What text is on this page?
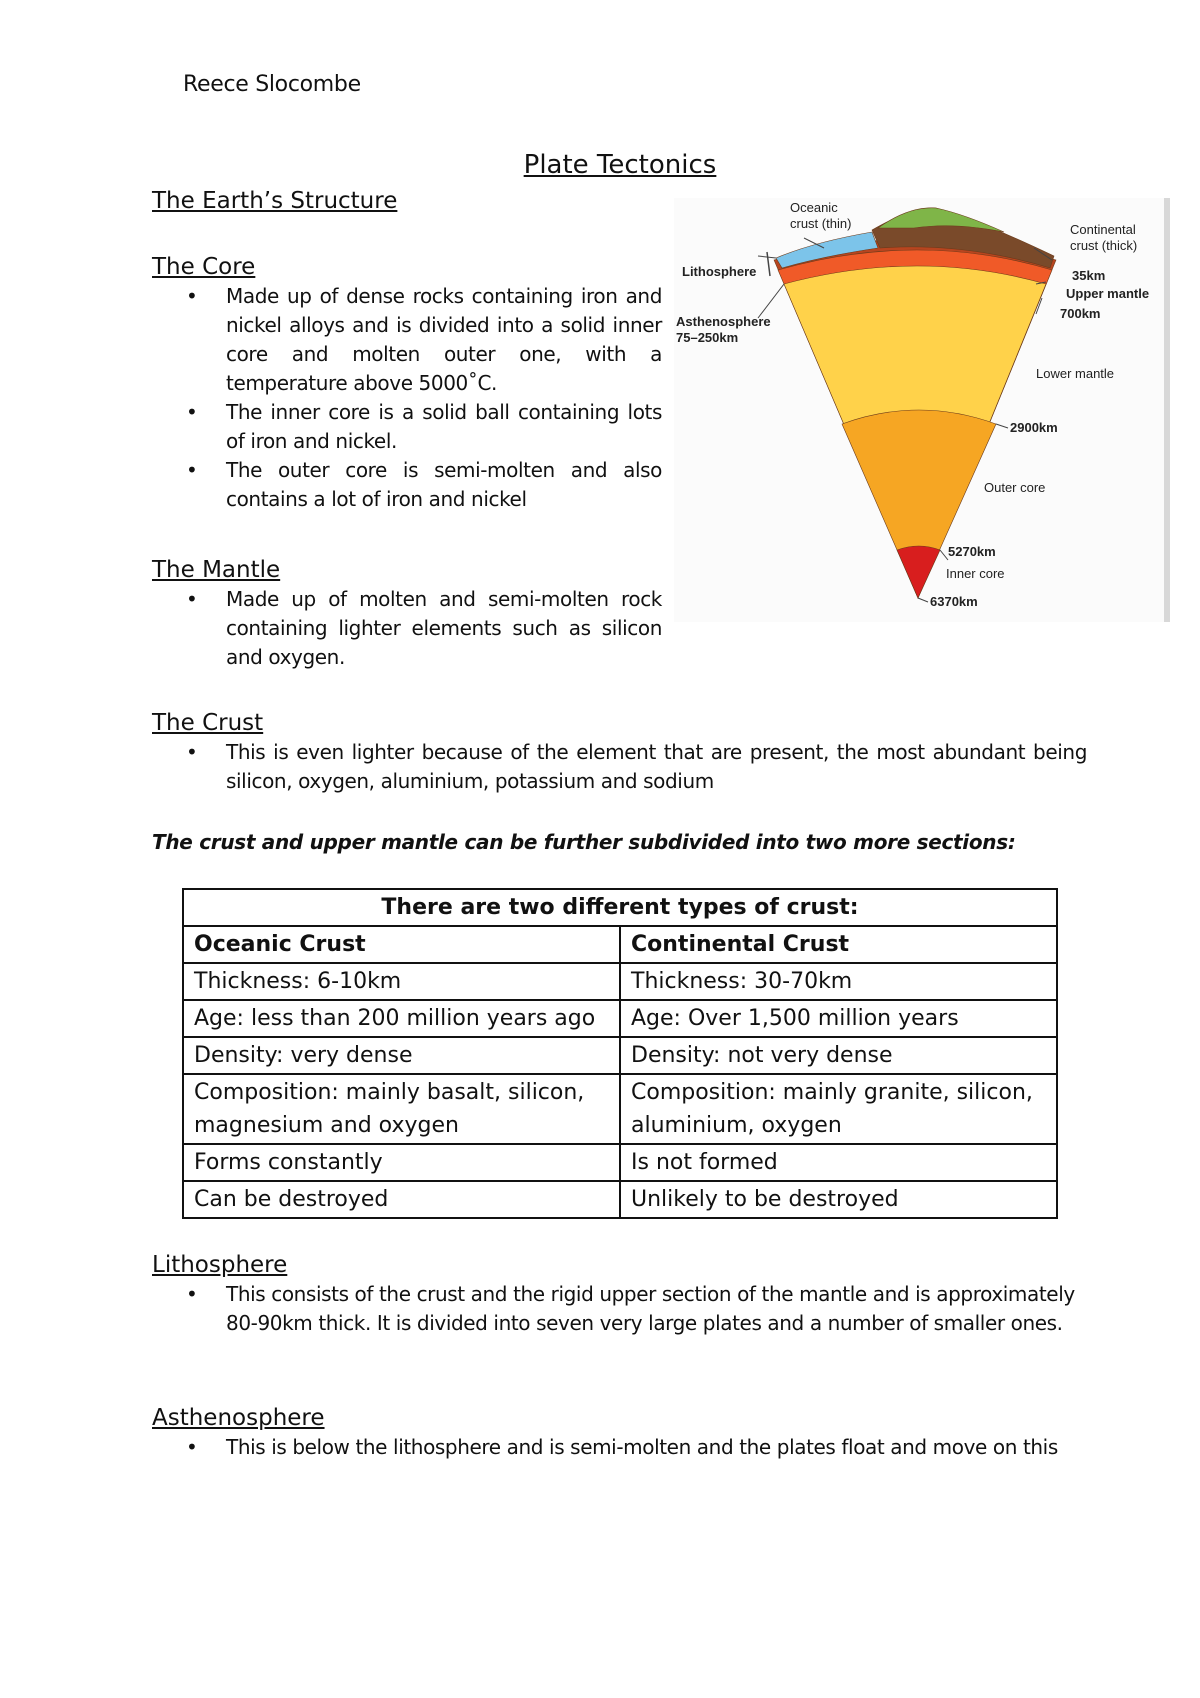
Reece Slocombe
Plate Tectonics
The Earth’s Structure

The Core

• Made up of dense rocks containing iron and nickel alloys and is divided into a solid inner core and molten outer one, with a temperature above 5000˚C.
• The inner core is a solid ball containing lots of iron and nickel.
• The outer core is semi-molten and also contains a lot of iron and nickel

The Mantle

• Made up of molten and semi-molten rock containing lighter elements such as silicon and oxygen.

The Crust

• This is even lighter because of the element that are present, the most abundant being silicon, oxygen, aluminium, potassium and sodium
The crust and upper mantle can be further subdivided into two more sections:
There are two different types of crust:	
Oceanic Crust	Continental Crust
Thickness: 6-10km	Thickness: 30-70km
Age: less than 200 million years ago	Age: Over 1,500 million years
Density: very dense	Density: not very dense
Composition: mainly basalt, silicon, magnesium and oxygen	Composition: mainly granite, silicon, aluminium, oxygen
Forms constantly	Is not formed
Can be destroyed	Unlikely to be destroyed

Lithosphere

• This consists of the crust and the rigid upper section of the mantle and is approximately 80-90km thick. It is divided into seven very large plates and a number of smaller ones.

Asthenosphere

• This is below the lithosphere and is semi-molten and the plates float and move on this
Oceanic
crust (thin)	Continental
crust (thick)
Lithosphere
Asthenosphere
75–250km
35km
Upper mantle
700km
Lower mantle
2900km
Outer core
5270km
Inner core
6370km
